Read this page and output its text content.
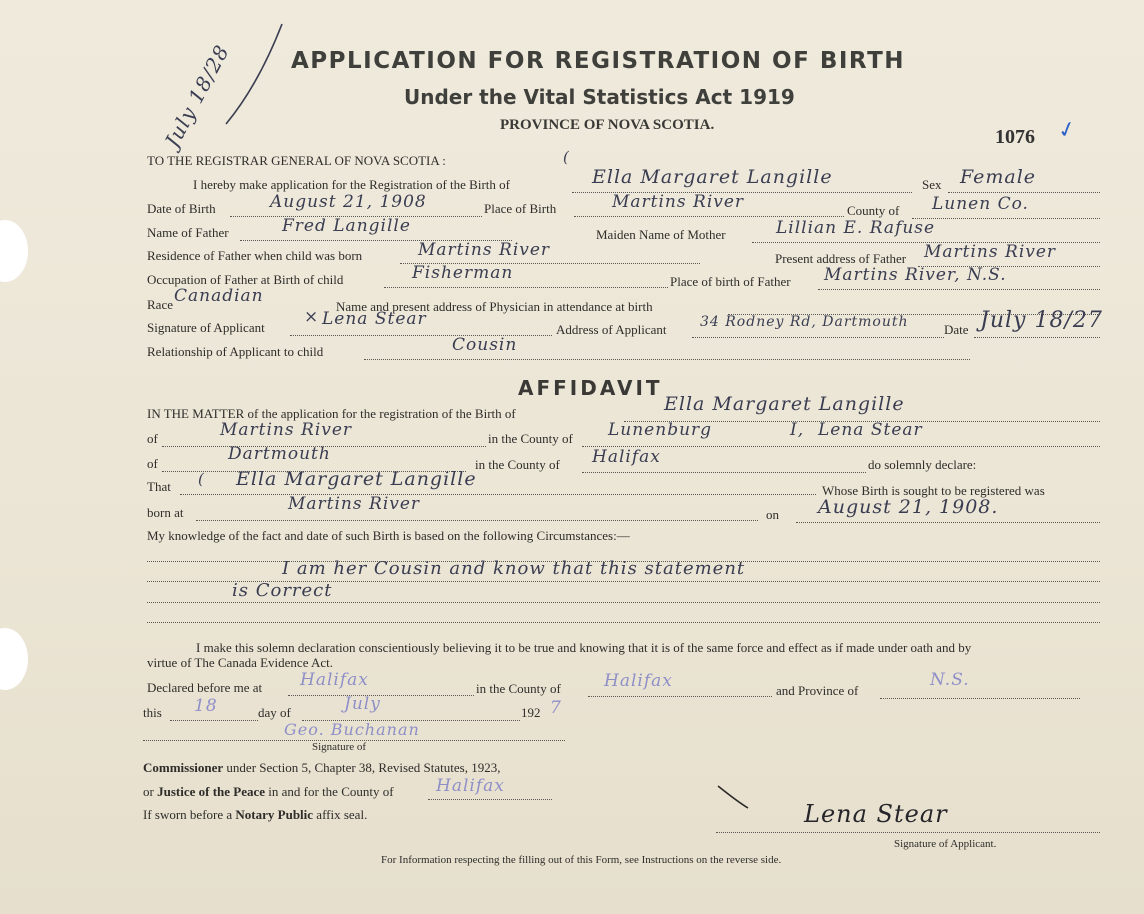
July 18/28 APPLICATION FOR REGISTRATION OF BIRTH
Under the Vital Statistics Act 1919
PROVINCE OF NOVA SCOTIA.
1076 ✓
TO THE REGISTRAR GENERAL OF NOVA SCOTIA :	(
I hereby make application for the Registration of the Birth of	Ella Margaret Langille	Sex Female
Date of Birth	August 21, 1908	Place of Birth	Martins River	County of Lunen Co.
Name of Father	Fred Langille	Maiden Name of Mother	Lillian E. Rafuse
Residence of Father when child was born	Martins River	Present address of Father Martins River
Occupation of Father at Birth of child	Fisherman	Place of birth of Father Martins River, N.S.
Race Canadian
Name and present address of Physician in attendance at birth
Signature of Applicant
× Lena Stear
Address of Applicant 34 Rodney Rd, Dartmouth	Date July 18/27
Relationship of Applicant to child	Cousin
AFFIDAVIT
IN THE MATTER of the application for the registration of the Birth of	Ella Margaret Langille
of	Martins River	in the County of Lunenburg	I, Lena Stear
of	Dartmouth
in the County of Halifax	do solemnly declare:
That ( Ella Margaret Langille
Whose Birth is sought to be registered was
born at	Martins River
on August 21, 1908.
My knowledge of the fact and date of such Birth is based on the following Circumstances:—
I am her Cousin and know that this statement
is Correct
I make this solemn declaration conscientiously believing it to be true and knowing that it is of the same force and effect as if made under oath and by
virtue of The Canada Evidence Act.
Declared before me at Halifax	in the County of	Halifax	and Province of
N.S.
this 18	day of	July	192 7
Geo. Buchanan
Signature of
Commissioner under Section 5, Chapter 38, Revised Statutes, 1923,
or Justice of the Peace in and for the County of Halifax
If sworn before a Notary Public affix seal.	Lena Stear
Signature of Applicant.
For Information respecting the filling out of this Form, see Instructions on the reverse side.
